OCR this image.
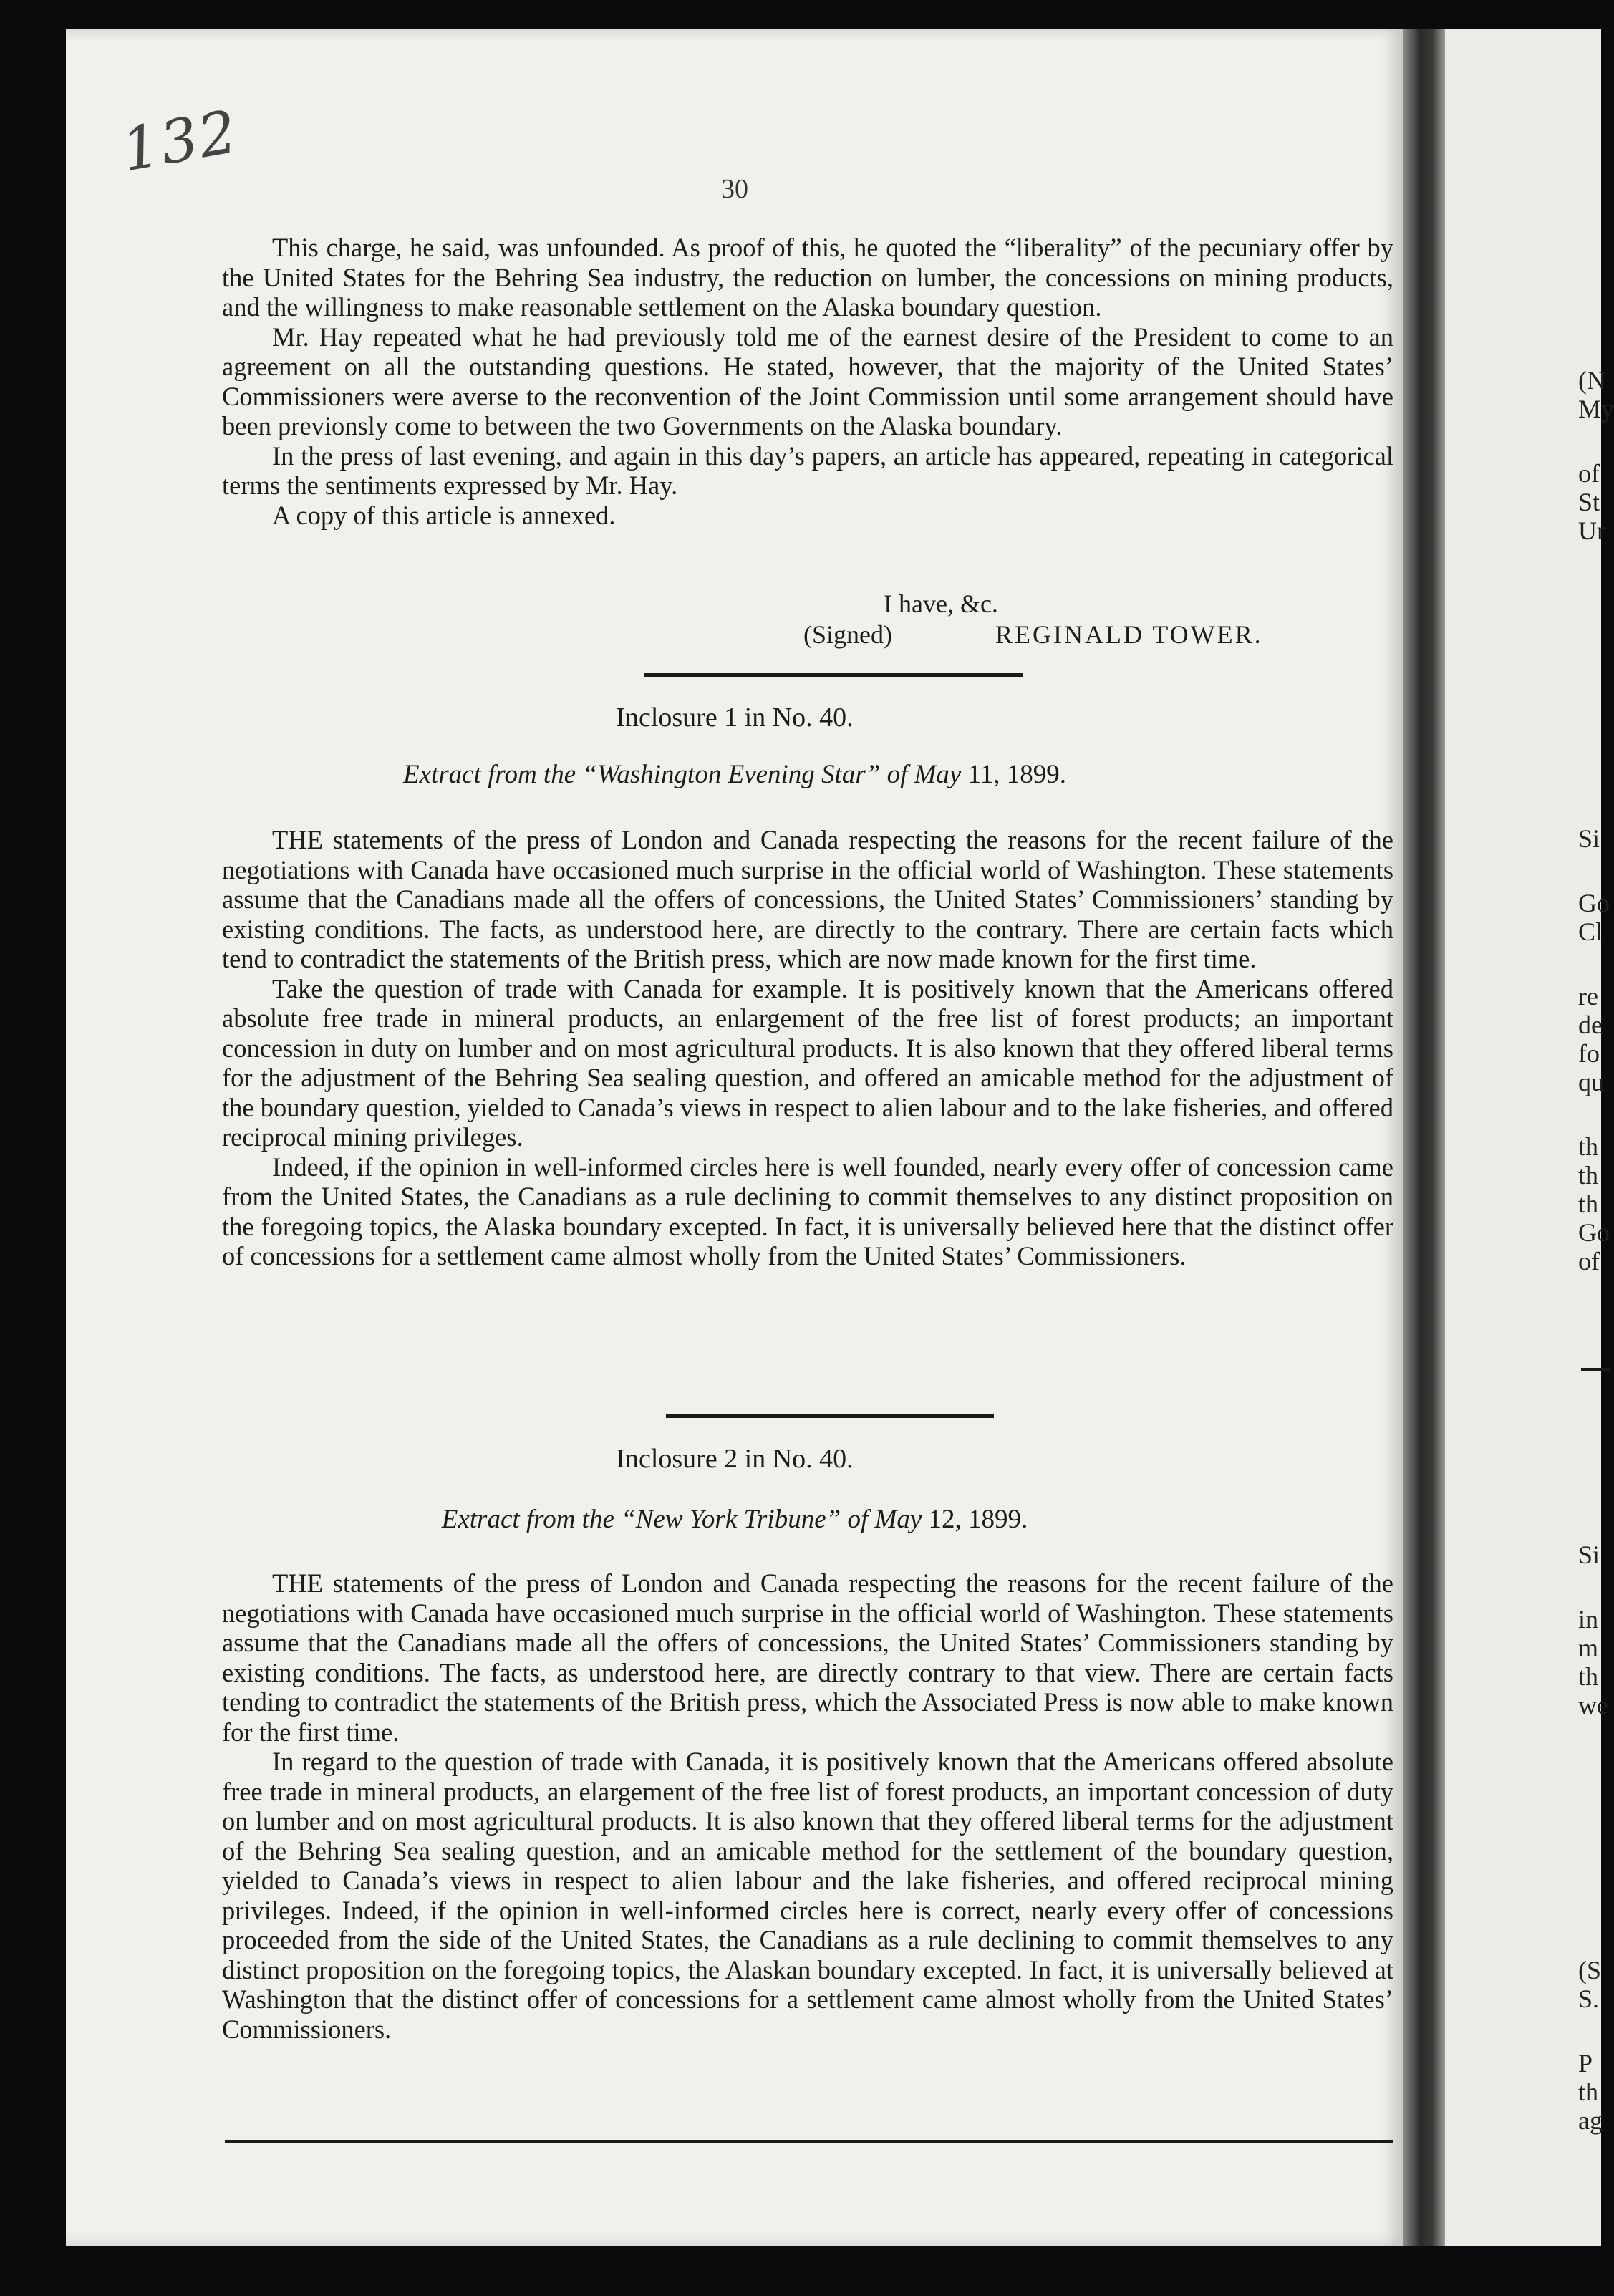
132
30

This charge, he said, was unfounded. As proof of this, he quoted the “liberality” of the pecuniary offer by the United States for the Behring Sea industry, the reduction on lumber, the concessions on mining products, and the willingness to make reasonable settlement on the Alaska boundary question.

Mr. Hay repeated what he had previously told me of the earnest desire of the President to come to an agreement on all the outstanding questions. He stated, however, that the majority of the United States’ Commissioners were averse to the reconvention of the Joint Commission until some arrangement should have been previonsly come to between the two Governments on the Alaska boundary.

In the press of last evening, and again in this day’s papers, an article has appeared, repeating in categorical terms the sentiments expressed by Mr. Hay.

A copy of this article is annexed.

I have, &c.
(Signed)	REGINALD TOWER.
Inclosure 1 in No. 40.
Extract from the “Washington Evening Star” of May 11, 1899.

THE statements of the press of London and Canada respecting the reasons for the recent failure of the negotiations with Canada have occasioned much surprise in the official world of Washington. These statements assume that the Canadians made all the offers of concessions, the United States’ Commissioners’ standing by existing conditions. The facts, as understood here, are directly to the contrary. There are certain facts which tend to contradict the statements of the British press, which are now made known for the first time.

Take the question of trade with Canada for example. It is positively known that the Americans offered absolute free trade in mineral products, an enlargement of the free list of forest products; an important concession in duty on lumber and on most agricultural products. It is also known that they offered liberal terms for the adjustment of the Behring Sea sealing question, and offered an amicable method for the adjustment of the boundary question, yielded to Canada’s views in respect to alien labour and to the lake fisheries, and offered reciprocal mining privileges.

Indeed, if the opinion in well-informed circles here is well founded, nearly every offer of concession came from the United States, the Canadians as a rule declining to commit themselves to any distinct proposition on the foregoing topics, the Alaska boundary excepted. In fact, it is universally believed here that the distinct offer of concessions for a settlement came almost wholly from the United States’ Commissioners.

Inclosure 2 in No. 40.
Extract from the “New York Tribune” of May 12, 1899.

THE statements of the press of London and Canada respecting the reasons for the recent failure of the negotiations with Canada have occasioned much surprise in the official world of Washington. These statements assume that the Canadians made all the offers of concessions, the United States’ Commissioners standing by existing conditions. The facts, as understood here, are directly contrary to that view. There are certain facts tending to contradict the statements of the British press, which the Associated Press is now able to make known for the first time.

In regard to the question of trade with Canada, it is positively known that the Americans offered absolute free trade in mineral products, an elargement of the free list of forest products, an important concession of duty on lumber and on most agricultural products. It is also known that they offered liberal terms for the adjustment of the Behring Sea sealing question, and an amicable method for the settlement of the boundary question, yielded to Canada’s views in respect to alien labour and the lake fisheries, and offered reciprocal mining privileges. Indeed, if the opinion in well-informed circles here is correct, nearly every offer of concessions proceeded from the side of the United States, the Canadians as a rule declining to commit themselves to any distinct proposition on the foregoing topics, the Alaskan boundary excepted. In fact, it is universally believed at Washington that the distinct offer of concessions for a settlement came almost wholly from the United States’ Commissioners.

(N
My
of
St
Ur
Si
Go
Cl
re
de
fo
qu
th
th
th
Go
of
Si
in
m
th
we
(S
S.
P
th
ag
